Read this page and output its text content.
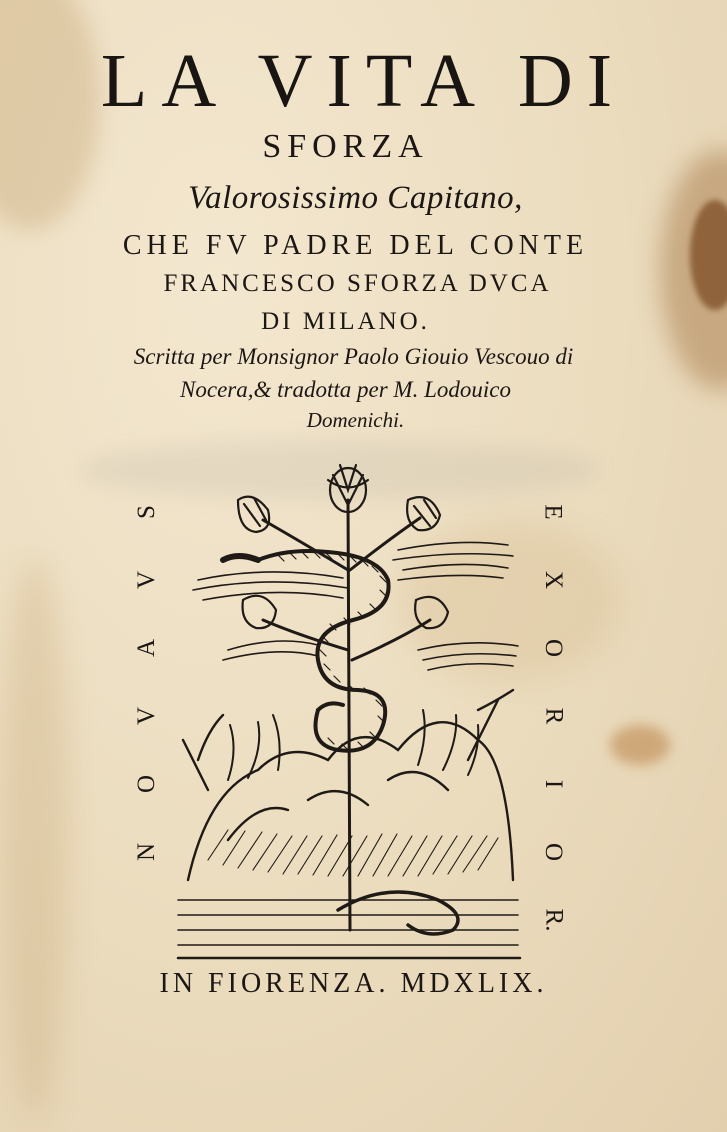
LA VITA DI
SFORZA
Valorosissimo Capitano,
CHE FV PADRE DEL CONTE
FRANCESCO SFORZA DVCA
DI MILANO.
Scritta per Monsignor Paolo Giouio Vescouo di
Nocera,& tradotta per M. Lodouico
Domenichi.
S
V
A
V
O
N
E
X
O
R
I
O
R.
IN FIORENZA. MDXLIX.
